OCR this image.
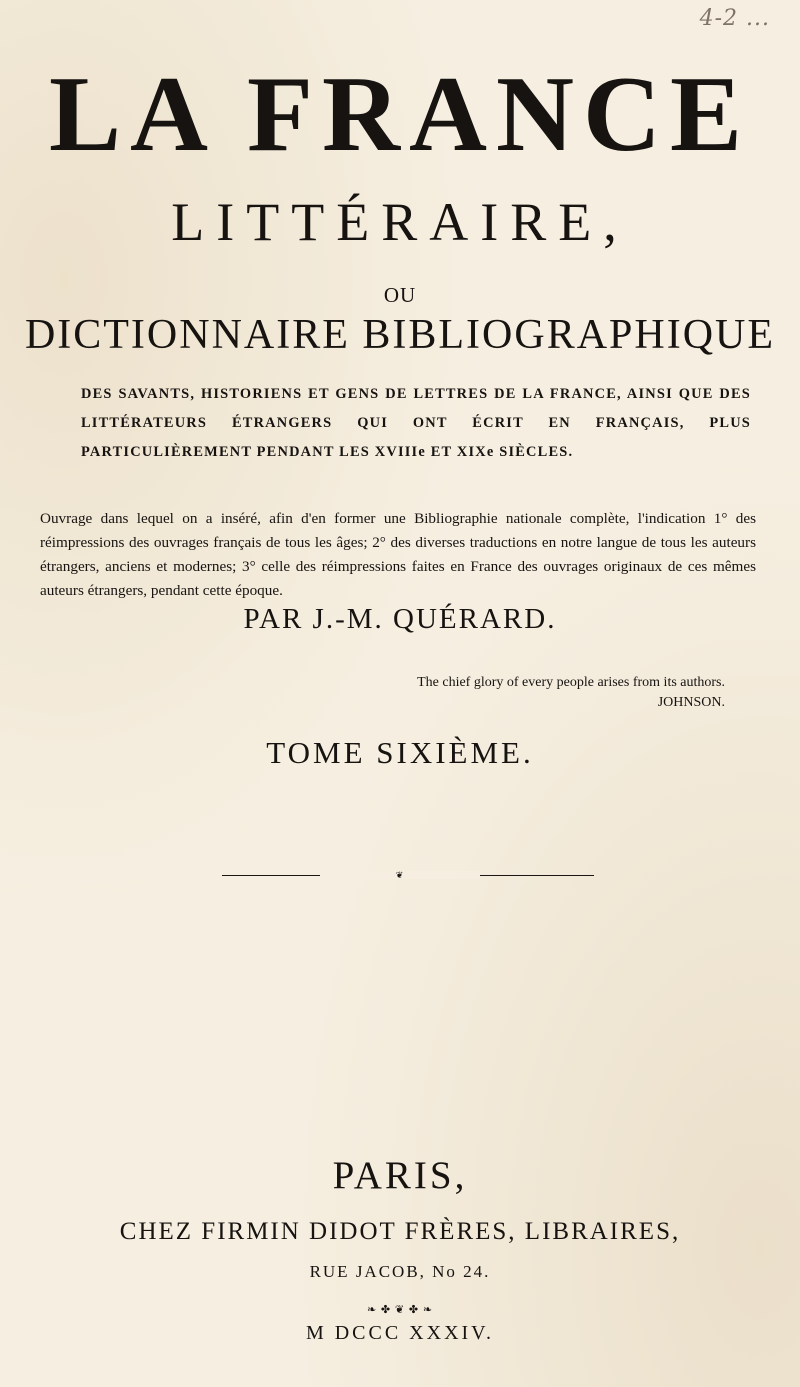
4-2 ...
LA FRANCE
LITTÉRAIRE,
OU
DICTIONNAIRE BIBLIOGRAPHIQUE
DES SAVANTS, HISTORIENS ET GENS DE LETTRES DE LA FRANCE, AINSI QUE DES LITTÉRATEURS ÉTRANGERS QUI ONT ÉCRIT EN FRANÇAIS, PLUS PARTICULIÈREMENT PENDANT LES XVIIIe ET XIXe SIÈCLES.
Ouvrage dans lequel on a inséré, afin d'en former une Bibliographie nationale complète, l'indication 1° des réimpressions des ouvrages français de tous les âges; 2° des diverses traductions en notre langue de tous les auteurs étrangers, anciens et modernes; 3° celle des réimpressions faites en France des ouvrages originaux de ces mêmes auteurs étrangers, pendant cette époque.
PAR J.-M. QUÉRARD.
The chief glory of every people arises from its authors.
JOHNSON.
TOME SIXIÈME.
❦
PARIS,
CHEZ FIRMIN DIDOT FRÈRES, LIBRAIRES,
RUE JACOB, No 24.
❧ ✤ ❦ ✤ ❧
M DCCC XXXIV.
